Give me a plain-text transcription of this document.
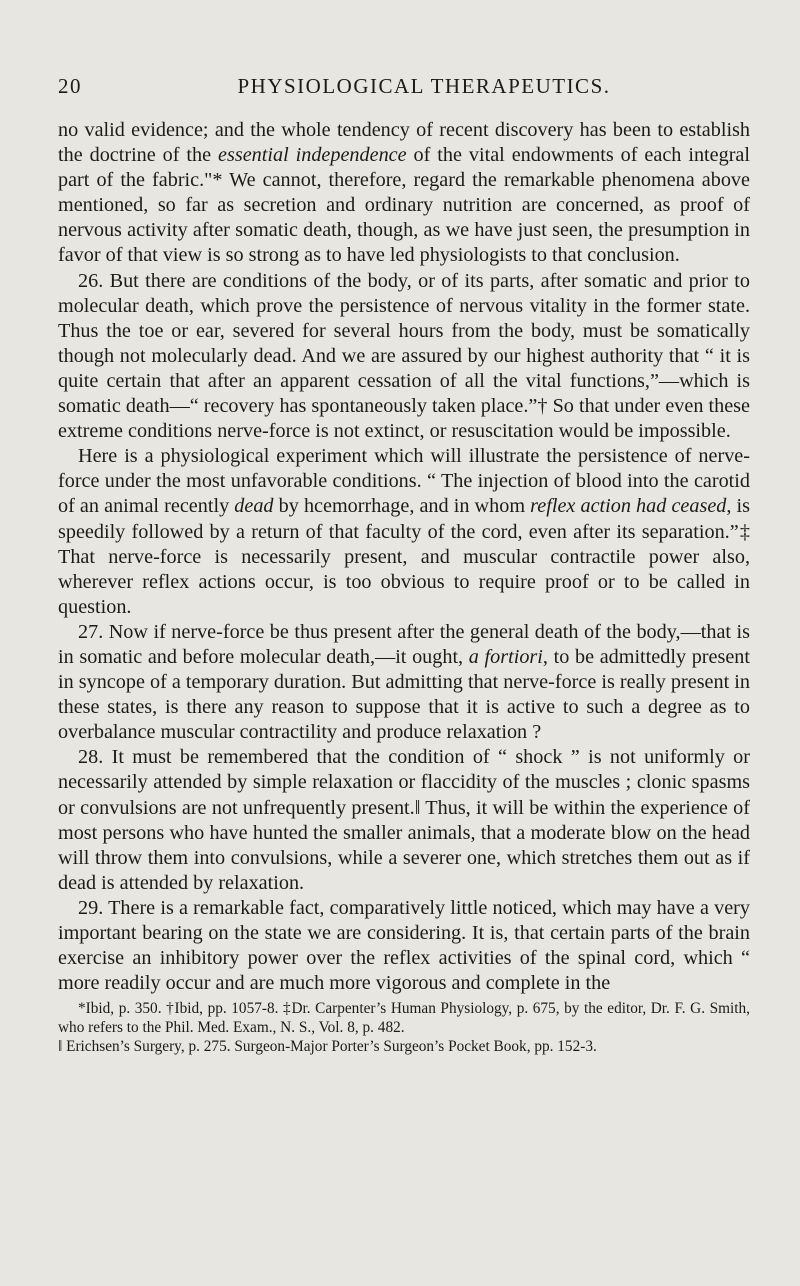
20	PHYSIOLOGICAL THERAPEUTICS.

no valid evidence; and the whole tendency of recent discovery has been to establish the doctrine of the essential independence of the vital endowments of each integral part of the fabric."* We cannot, therefore, regard the remarkable phenomena above mentioned, so far as secretion and ordinary nutrition are concerned, as proof of nervous activity after somatic death, though, as we have just seen, the presumption in favor of that view is so strong as to have led physiologists to that conclusion.

26. But there are conditions of the body, or of its parts, after somatic and prior to molecular death, which prove the persistence of nervous vitality in the former state. Thus the toe or ear, severed for several hours from the body, must be somatically though not molecularly dead. And we are assured by our highest authority that “ it is quite certain that after an apparent cessation of all the vital functions,”—which is somatic death—“ recovery has spontaneously taken place.”† So that under even these extreme conditions nerve-force is not extinct, or resuscitation would be impossible.

Here is a physiological experiment which will illustrate the persistence of nerve-force under the most unfavorable conditions. “ The injection of blood into the carotid of an animal recently dead by hcemorrhage, and in whom reflex action had ceased, is speedily followed by a return of that faculty of the cord, even after its separation.”‡ That nerve-force is necessarily present, and muscular contractile power also, wherever reflex actions occur, is too obvious to require proof or to be called in question.

27. Now if nerve-force be thus present after the general death of the body,—that is in somatic and before molecular death,—it ought, a fortiori, to be admittedly present in syncope of a temporary duration. But admitting that nerve-force is really present in these states, is there any reason to suppose that it is active to such a degree as to overbalance muscular contractility and produce relaxation ?

28. It must be remembered that the condition of “ shock ” is not uniformly or necessarily attended by simple relaxation or flaccidity of the muscles ; clonic spasms or convulsions are not unfrequently present.‖ Thus, it will be within the experience of most persons who have hunted the smaller animals, that a moderate blow on the head will throw them into convulsions, while a severer one, which stretches them out as if dead is attended by relaxation.

29. There is a remarkable fact, comparatively little noticed, which may have a very important bearing on the state we are considering. It is, that certain parts of the brain exercise an inhibitory power over the reflex activities of the spinal cord, which “ more readily occur and are much more vigorous and complete in the

*Ibid, p. 350. †Ibid, pp. 1057-8. ‡Dr. Carpenter’s Human Physiology, p. 675, by the editor, Dr. F. G. Smith, who refers to the Phil. Med. Exam., N. S., Vol. 8, p. 482.

‖ Erichsen’s Surgery, p. 275. Surgeon-Major Porter’s Surgeon’s Pocket Book, pp. 152-3.
